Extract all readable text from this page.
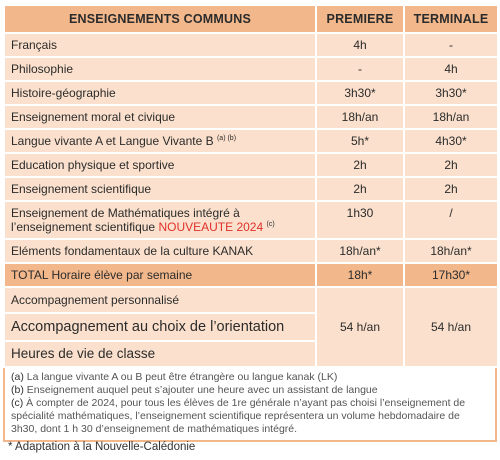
ENSEIGNEMENTS COMMUNS	PREMIERE	TERMINALE
Français	4h	-
Philosophie	-	4h
Histoire-géographie	3h30*	3h30*
Enseignement moral et civique	18h/an	18h/an
Langue vivante A et Langue Vivante B $^{(a) (b)}$	5h*	4h30*
Education physique et sportive	2h	2h
Enseignement scientifique	2h	2h

Enseignement de Mathématiques intégré à
l’enseignement scientifique NOUVEAUTE 2024 $^{(c)}$	1h30	/
Eléments fondamentaux de la culture KANAK	18h/an*	18h/an*
TOTAL Horaire élève par semaine	18h*	17h30*
Accompagnement personnalisé	54 h/an	54 h/an
Accompagnement au choix de l’orientation		
Heures de vie de classe		
(a) La langue vivante A ou B peut être étrangère ou langue kanak (LK)
(b) Enseignement auquel peut s’ajouter une heure avec un assistant de langue
(c) À compter de 2024, pour tous les élèves de 1re générale n’ayant pas choisi l’enseignement de spécialité mathématiques, l’enseignement scientifique représentera un volume hebdomadaire de 3h30, dont 1 h 30 d’enseignement de mathématiques intégré.
* Adaptation à la Nouvelle-Calédonie
